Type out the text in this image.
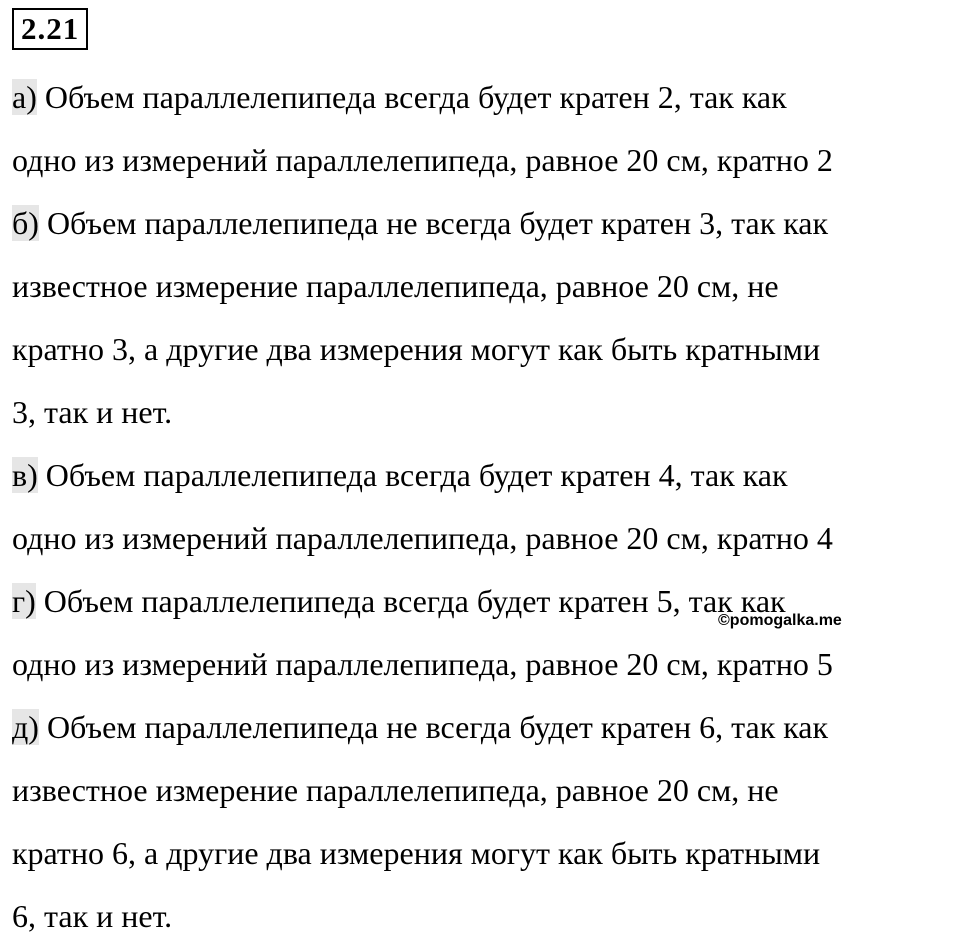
2.21
а) Объем параллелепипеда всегда будет кратен 2, так как
одно из измерений параллелепипеда, равное 20 см, кратно 2
б) Объем параллелепипеда не всегда будет кратен 3, так как
известное измерение параллелепипеда, равное 20 см, не
кратно 3, а другие два измерения могут как быть кратными
3, так и нет.
в) Объем параллелепипеда всегда будет кратен 4, так как
одно из измерений параллелепипеда, равное 20 см, кратно 4
г) Объем параллелепипеда всегда будет кратен 5, так как
одно из измерений параллелепипеда, равное 20 см, кратно 5
д) Объем параллелепипеда не всегда будет кратен 6, так как
известное измерение параллелепипеда, равное 20 см, не
кратно 6, а другие два измерения могут как быть кратными
6, так и нет.
©pomogalka.me
